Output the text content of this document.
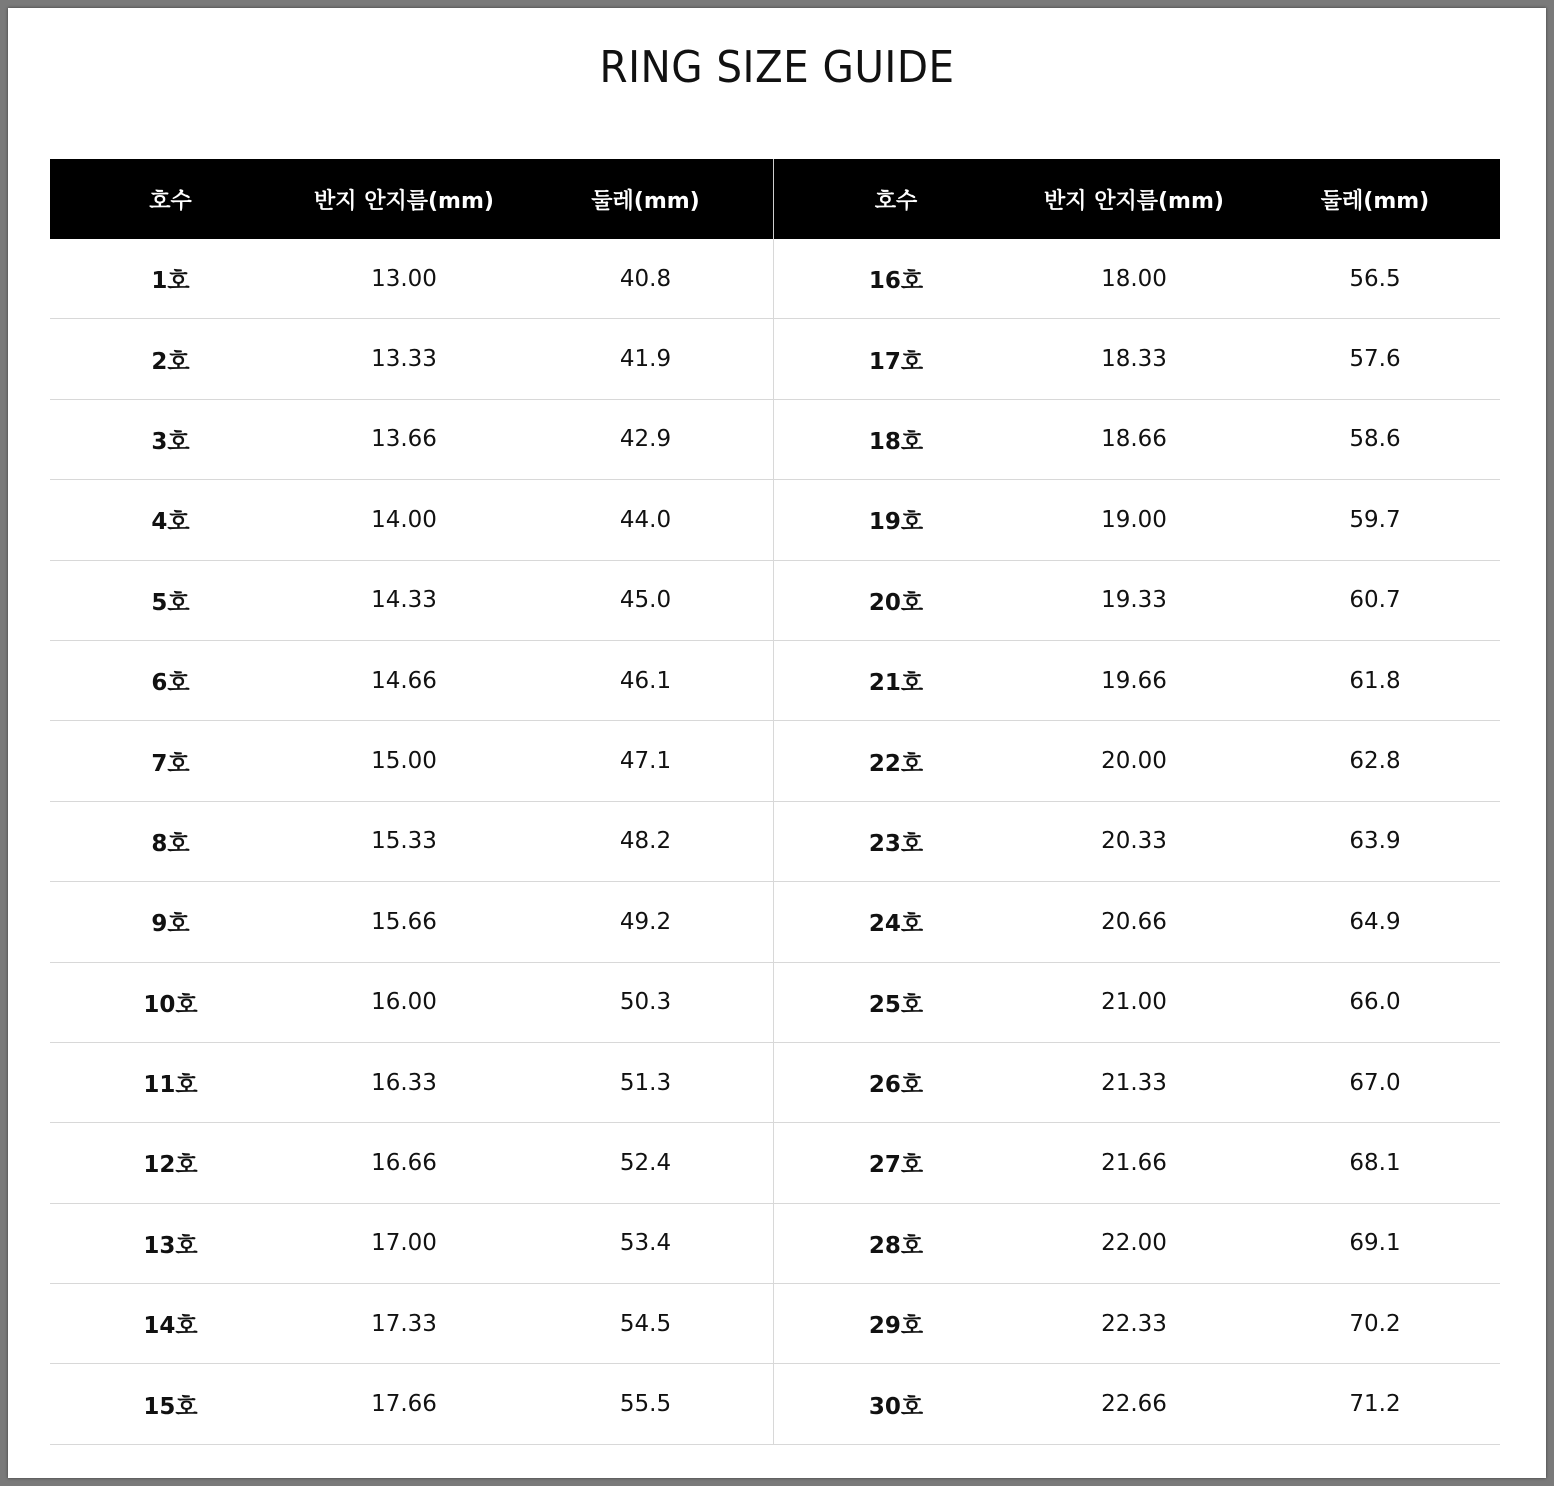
RING SIZE GUIDE
호수	반지 안지름(mm)	둘레(mm)	호수	반지 안지름(mm)	둘레(mm)
1호	13.00	40.8	16호	18.00	56.5
2호	13.33	41.9	17호	18.33	57.6
3호	13.66	42.9	18호	18.66	58.6
4호	14.00	44.0	19호	19.00	59.7
5호	14.33	45.0	20호	19.33	60.7
6호	14.66	46.1	21호	19.66	61.8
7호	15.00	47.1	22호	20.00	62.8
8호	15.33	48.2	23호	20.33	63.9
9호	15.66	49.2	24호	20.66	64.9
10호	16.00	50.3	25호	21.00	66.0
11호	16.33	51.3	26호	21.33	67.0
12호	16.66	52.4	27호	21.66	68.1
13호	17.00	53.4	28호	22.00	69.1
14호	17.33	54.5	29호	22.33	70.2
15호	17.66	55.5	30호	22.66	71.2
